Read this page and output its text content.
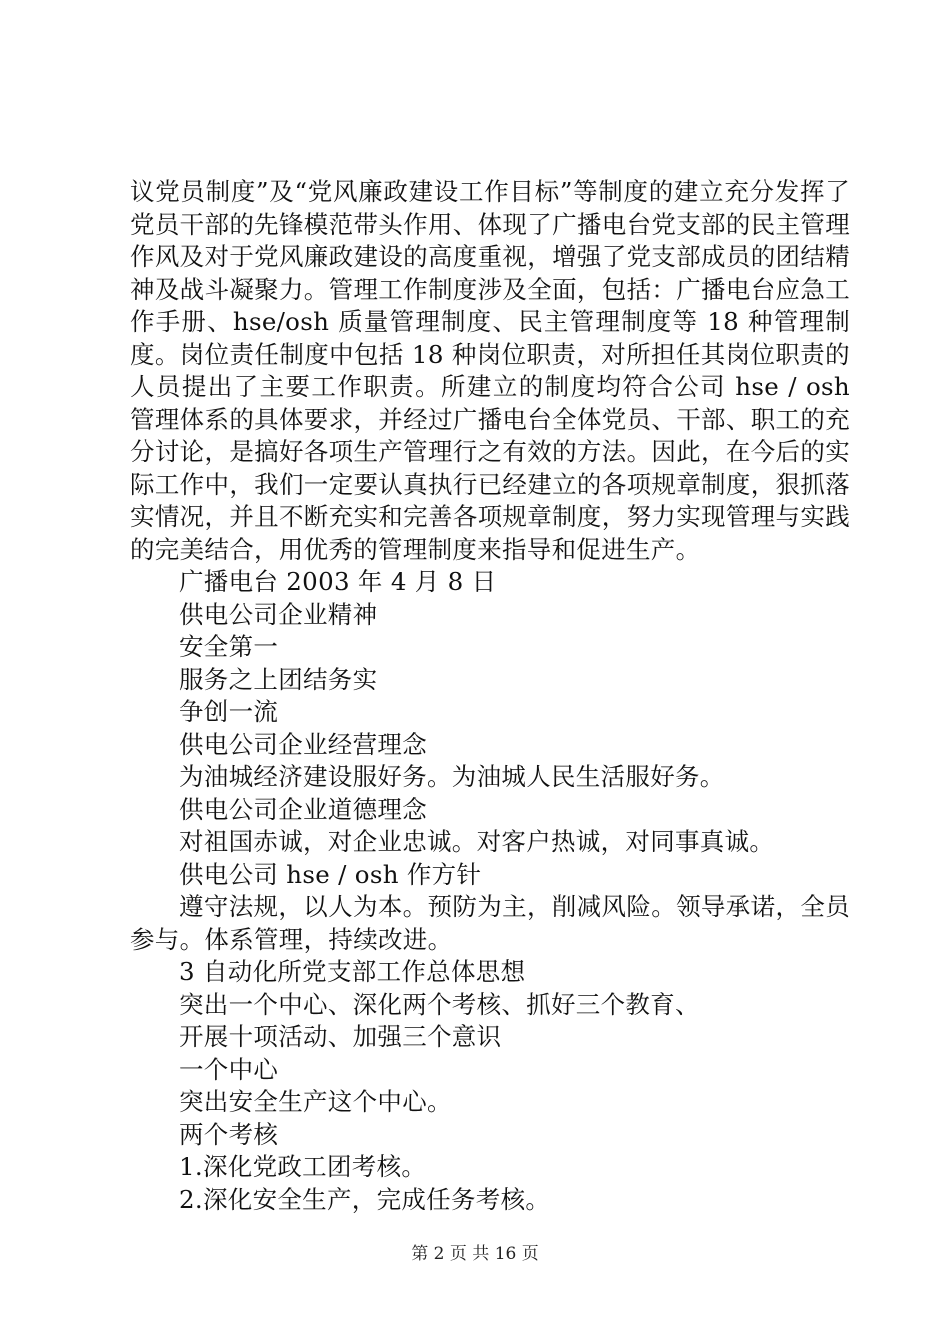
议党员制度”及“党风廉政建设工作目标”等制度的建立充分发挥了党员干部的先锋模范带头作用、体现了广播电台党支部的民主管理作风及对于党风廉政建设的高度重视，增强了党支部成员的团结精神及战斗凝聚力。管理工作制度涉及全面，包括：广播电台应急工作手册、hse/osh 质量管理制度、民主管理制度等 18 种管理制度。岗位责任制度中包括 18 种岗位职责，对所担任其岗位职责的人员提出了主要工作职责。所建立的制度均符合公司 hse / osh 管理体系的具体要求，并经过广播电台全体党员、干部、职工的充分讨论，是搞好各项生产管理行之有效的方法。因此，在今后的实际工作中，我们一定要认真执行已经建立的各项规章制度，狠抓落实情况，并且不断充实和完善各项规章制度，努力实现管理与实践的完美结合，用优秀的管理制度来指导和促进生产。

广播电台 2003 年 4 月 8 日

供电公司企业精神

安全第一

服务之上团结务实

争创一流

供电公司企业经营理念

为油城经济建设服好务。为油城人民生活服好务。

供电公司企业道德理念

对祖国赤诚，对企业忠诚。对客户热诚，对同事真诚。

供电公司 hse / osh 作方针

遵守法规，以人为本。预防为主，削减风险。领导承诺，全员参与。体系管理，持续改进。

3 自动化所党支部工作总体思想

突出一个中心、深化两个考核、抓好三个教育、

开展十项活动、加强三个意识

一个中心

突出安全生产这个中心。

两个考核

1.深化党政工团考核。

2.深化安全生产，完成任务考核。

第 2 页 共 16 页
